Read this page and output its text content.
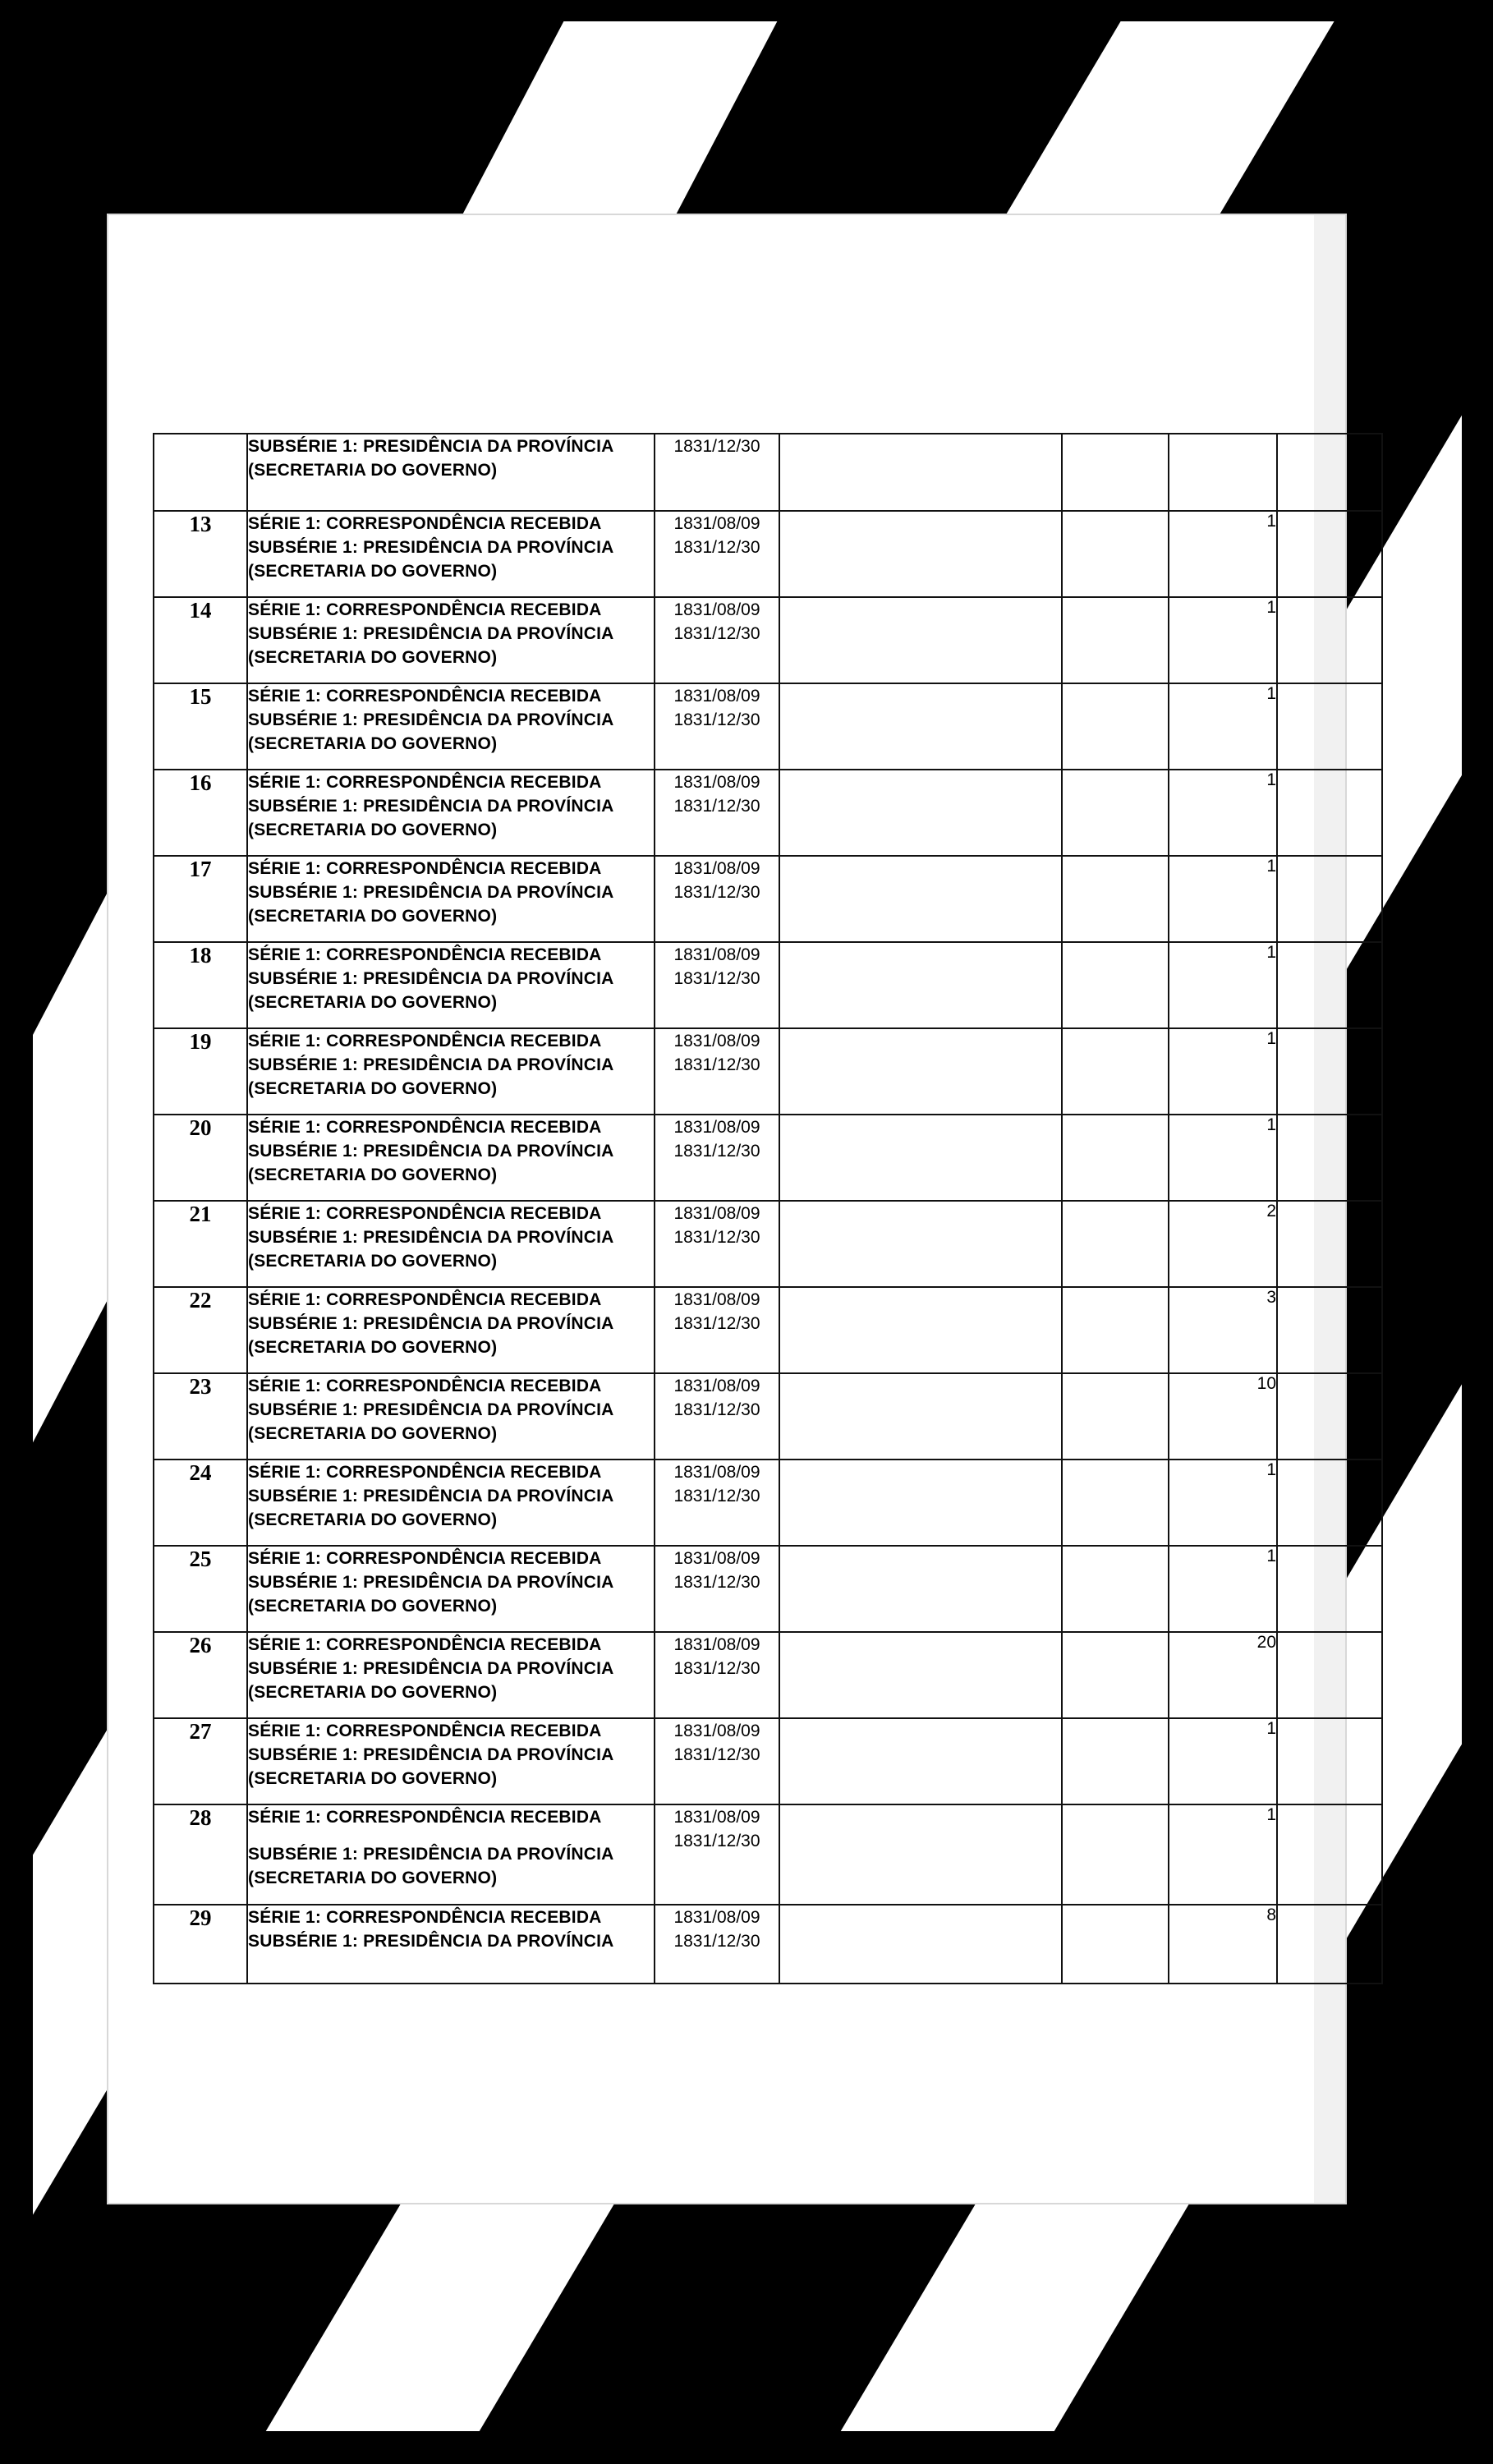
SUBSÉRIE 1: PRESIDÊNCIA DA PROVÍNCIA
(SECRETARIA DO GOVERNO)	1831/12/30				

13	SÉRIE 1: CORRESPONDÊNCIA RECEBIDA
SUBSÉRIE 1: PRESIDÊNCIA DA PROVÍNCIA
(SECRETARIA DO GOVERNO)	1831/08/09
1831/12/30			1	
14	SÉRIE 1: CORRESPONDÊNCIA RECEBIDA
SUBSÉRIE 1: PRESIDÊNCIA DA PROVÍNCIA
(SECRETARIA DO GOVERNO)	1831/08/09
1831/12/30			1	
15	SÉRIE 1: CORRESPONDÊNCIA RECEBIDA
SUBSÉRIE 1: PRESIDÊNCIA DA PROVÍNCIA
(SECRETARIA DO GOVERNO)	1831/08/09
1831/12/30			1	
16	SÉRIE 1: CORRESPONDÊNCIA RECEBIDA
SUBSÉRIE 1: PRESIDÊNCIA DA PROVÍNCIA
(SECRETARIA DO GOVERNO)	1831/08/09
1831/12/30			1	
17	SÉRIE 1: CORRESPONDÊNCIA RECEBIDA
SUBSÉRIE 1: PRESIDÊNCIA DA PROVÍNCIA
(SECRETARIA DO GOVERNO)	1831/08/09
1831/12/30			1	
18	SÉRIE 1: CORRESPONDÊNCIA RECEBIDA
SUBSÉRIE 1: PRESIDÊNCIA DA PROVÍNCIA
(SECRETARIA DO GOVERNO)	1831/08/09
1831/12/30			1	
19	SÉRIE 1: CORRESPONDÊNCIA RECEBIDA
SUBSÉRIE 1: PRESIDÊNCIA DA PROVÍNCIA
(SECRETARIA DO GOVERNO)	1831/08/09
1831/12/30			1	
20	SÉRIE 1: CORRESPONDÊNCIA RECEBIDA
SUBSÉRIE 1: PRESIDÊNCIA DA PROVÍNCIA
(SECRETARIA DO GOVERNO)	1831/08/09
1831/12/30			1	
21	SÉRIE 1: CORRESPONDÊNCIA RECEBIDA
SUBSÉRIE 1: PRESIDÊNCIA DA PROVÍNCIA
(SECRETARIA DO GOVERNO)	1831/08/09
1831/12/30			2	
22	SÉRIE 1: CORRESPONDÊNCIA RECEBIDA
SUBSÉRIE 1: PRESIDÊNCIA DA PROVÍNCIA
(SECRETARIA DO GOVERNO)	1831/08/09
1831/12/30			3	
23	SÉRIE 1: CORRESPONDÊNCIA RECEBIDA
SUBSÉRIE 1: PRESIDÊNCIA DA PROVÍNCIA
(SECRETARIA DO GOVERNO)	1831/08/09
1831/12/30			10	
24	SÉRIE 1: CORRESPONDÊNCIA RECEBIDA
SUBSÉRIE 1: PRESIDÊNCIA DA PROVÍNCIA
(SECRETARIA DO GOVERNO)	1831/08/09
1831/12/30			1	
25	SÉRIE 1: CORRESPONDÊNCIA RECEBIDA
SUBSÉRIE 1: PRESIDÊNCIA DA PROVÍNCIA
(SECRETARIA DO GOVERNO)	1831/08/09
1831/12/30			1	
26	SÉRIE 1: CORRESPONDÊNCIA RECEBIDA
SUBSÉRIE 1: PRESIDÊNCIA DA PROVÍNCIA
(SECRETARIA DO GOVERNO)	1831/08/09
1831/12/30			20	
27	SÉRIE 1: CORRESPONDÊNCIA RECEBIDA
SUBSÉRIE 1: PRESIDÊNCIA DA PROVÍNCIA
(SECRETARIA DO GOVERNO)	1831/08/09
1831/12/30			1	
28	SÉRIE 1: CORRESPONDÊNCIA RECEBIDA
SUBSÉRIE 1: PRESIDÊNCIA DA PROVÍNCIA
(SECRETARIA DO GOVERNO)	1831/08/09
1831/12/30			1	
29	SÉRIE 1: CORRESPONDÊNCIA RECEBIDA
SUBSÉRIE 1: PRESIDÊNCIA DA PROVÍNCIA	1831/08/09
1831/12/30			8	
